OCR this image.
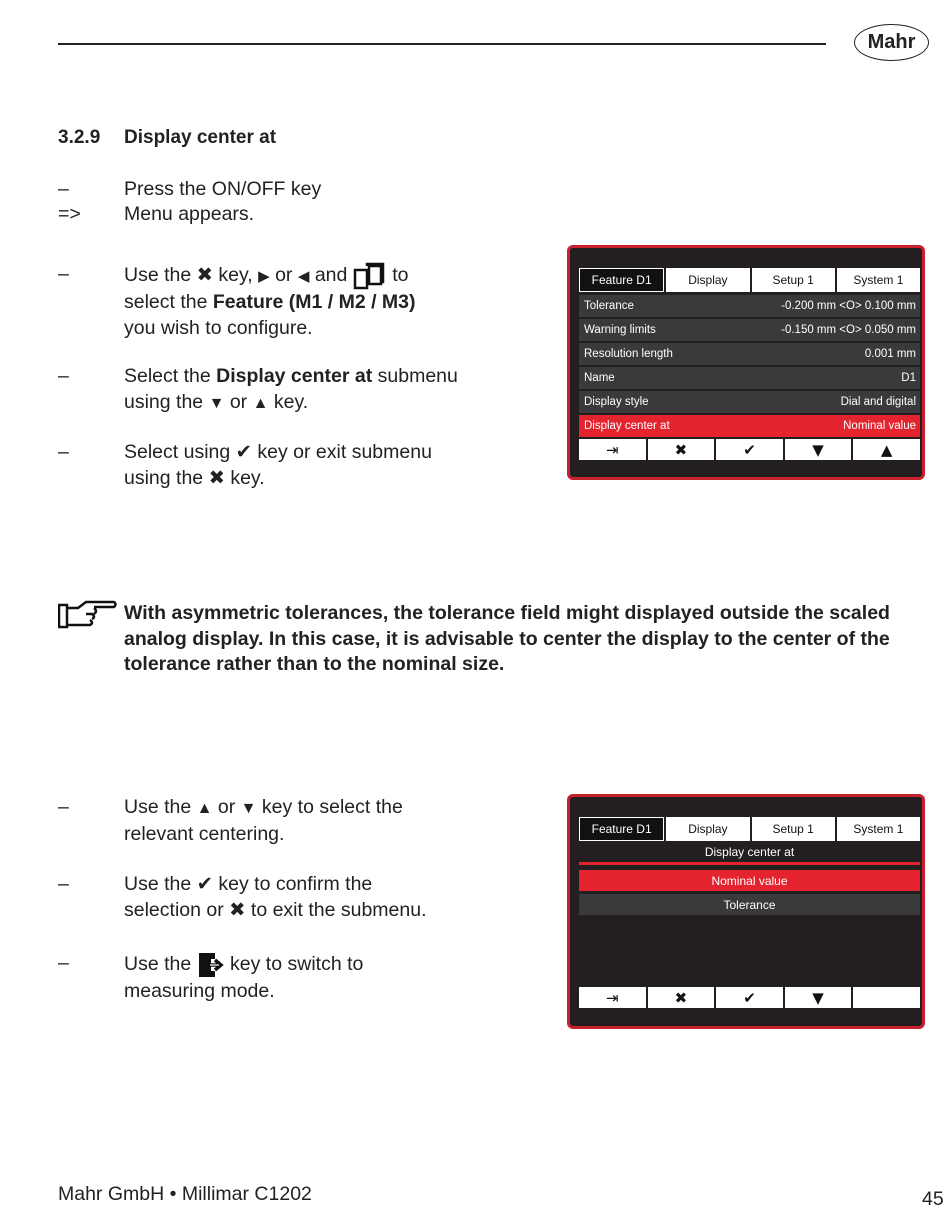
Mahr
3.2.9 Display center at
–	Press the ON/OFF key
=> Menu appears.
–	Use the ✖ key, ▶ or ◀ and  to
select the Feature (M1 / M2 / M3)
you wish to configure.
–	Select the Display center at submenu
using the ▼ or ▲ key.
–	Select using ✔ key or exit submenu
using the ✖ key.
Feature D1	Display	Setup 1	System 1
Tolerance	-0.200 mm <O> 0.100 mm
Warning limits	-0.150 mm <O> 0.050 mm
Resolution length	0.001 mm
Name	D1
Display style	Dial and digital
Display center at	Nominal value
⇥	✖	✔	▼	▲
With asymmetric tolerances, the tolerance field might displayed outside the scaled analog display. In this case, it is advisable to center the display to the center of the tolerance rather than to the nominal size.
–	Use the ▲ or ▼ key to select the
relevant centering.
–	Use the ✔ key to confirm the
selection or ✖ to exit the submenu.
–	Use the  key to switch to
measuring mode.
Feature D1	Display	Setup 1	System 1
Display center at
Nominal value
Tolerance
⇥	✖	✔	▼
Mahr GmbH • Millimar C1202	45
